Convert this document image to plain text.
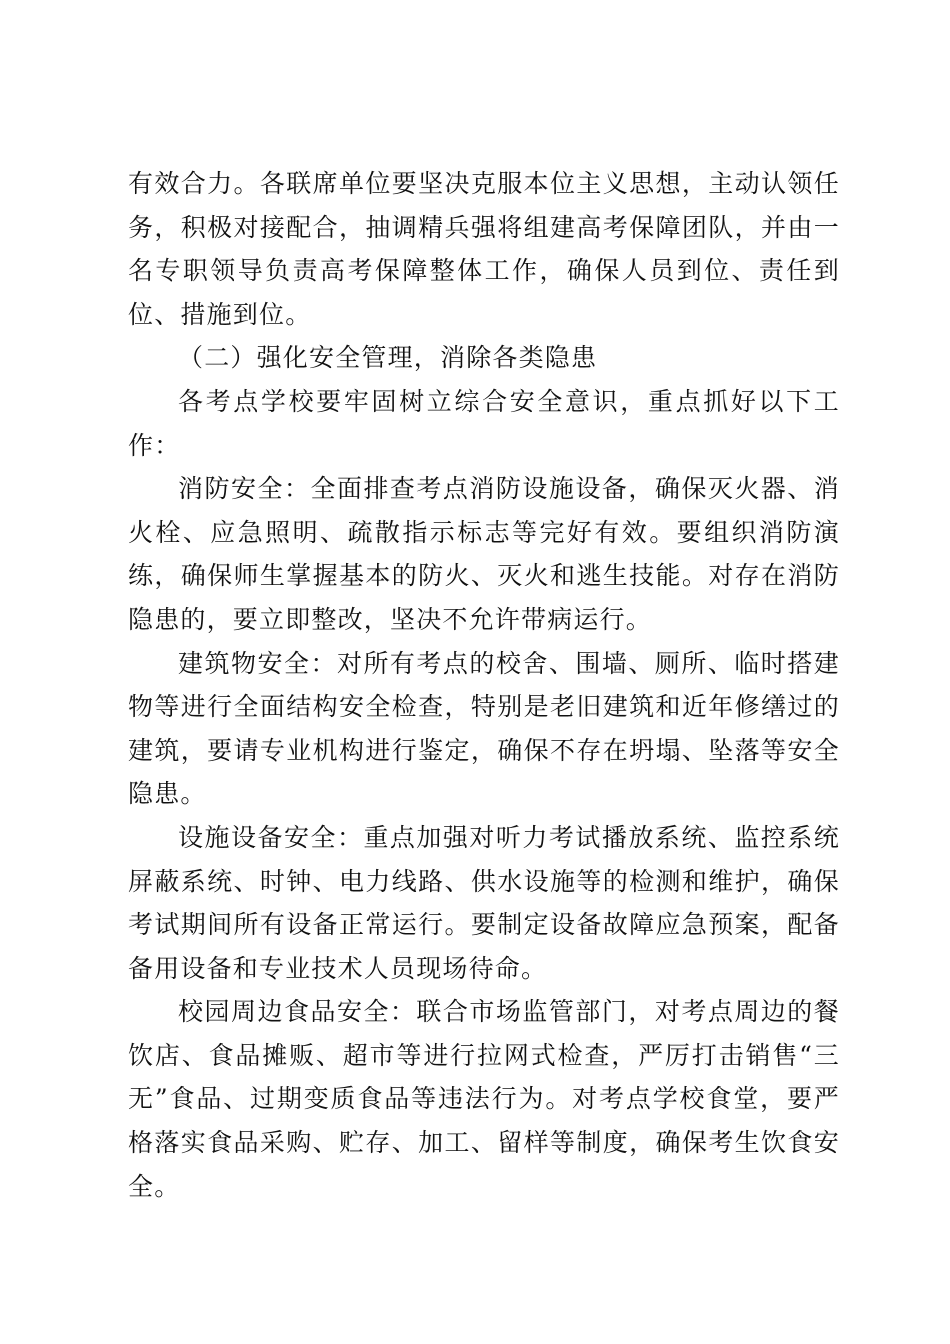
有效合力。各联席单位要坚决克服本位主义思想，主动认领任务，积极对接配合，抽调精兵强将组建高考保障团队，并由一名专职领导负责高考保障整体工作，确保人员到位、责任到位、措施到位。

（二）强化安全管理，消除各类隐患

各考点学校要牢固树立综合安全意识，重点抓好以下工作：

消防安全：全面排查考点消防设施设备，确保灭火器、消火栓、应急照明、疏散指示标志等完好有效。要组织消防演练，确保师生掌握基本的防火、灭火和逃生技能。对存在消防隐患的，要立即整改，坚决不允许带病运行。

建筑物安全：对所有考点的校舍、围墙、厕所、临时搭建物等进行全面结构安全检查，特别是老旧建筑和近年修缮过的建筑，要请专业机构进行鉴定，确保不存在坍塌、坠落等安全隐患。

设施设备安全：重点加强对听力考试播放系统、监控系统屏蔽系统、时钟、电力线路、供水设施等的检测和维护，确保考试期间所有设备正常运行。要制定设备故障应急预案，配备备用设备和专业技术人员现场待命。

校园周边食品安全：联合市场监管部门，对考点周边的餐饮店、食品摊贩、超市等进行拉网式检查，严厉打击销售“三无”食品、过期变质食品等违法行为。对考点学校食堂，要严格落实食品采购、贮存、加工、留样等制度，确保考生饮食安全。
